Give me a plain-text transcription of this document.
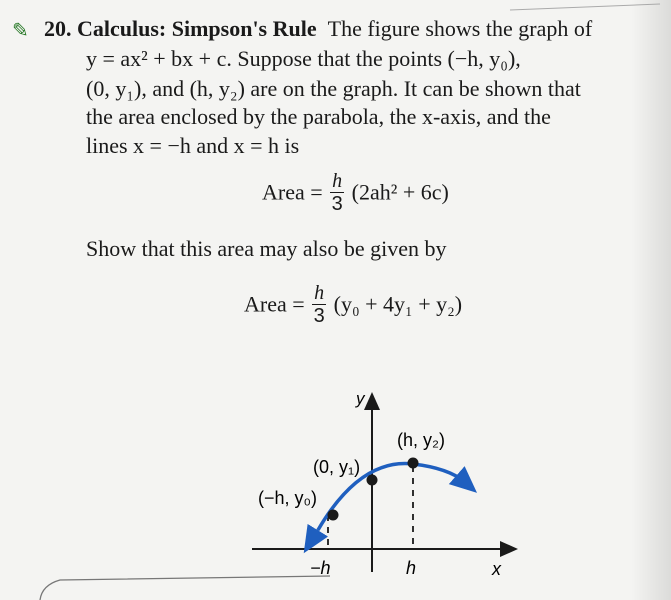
✎ 20. Calculus: Simpson's Rule The figure shows the graph of
y = ax² + bx + c. Suppose that the points (−h, y₀),
(0, y₁), and (h, y₂) are on the graph. It can be shown that
the area enclosed by the parabola, the x-axis, and the
lines x = −h and x = h is
Area = $\frac{h}{3} (2ah^2 + 6c)$
Show that this area may also be given by
Area = $\frac{h}{3} (y_0 + 4y_1 + y_2)$
y
x
(−h, y₀)
(0, y₁)
(h, y₂)
−h	h
